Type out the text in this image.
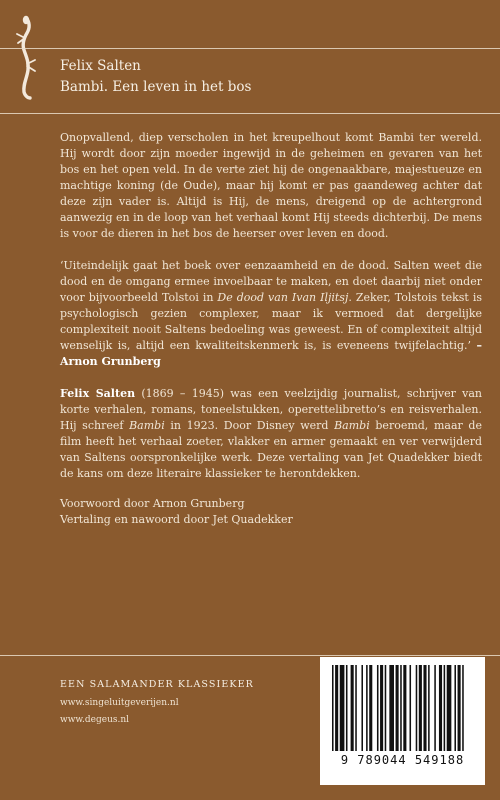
Felix Salten
Bambi. Een leven in het bos

Onopvallend, diep verscholen in het kreupelhout komt Bambi ter wereld. Hij wordt door zijn moeder ingewijd in de geheimen en gevaren van het bos en het open veld. In de verte ziet hij de ongenaakbare, majestueuze en machtige koning (de Oude), maar hij komt er pas gaandeweg achter dat deze zijn vader is. Altijd is Hij, de mens, dreigend op de achtergrond aanwezig en in de loop van het verhaal komt Hij steeds dichterbij. De mens is voor de dieren in het bos de heerser over leven en dood.

‘Uiteindelijk gaat het boek over eenzaamheid en de dood. Salten weet die dood en de omgang ermee invoelbaar te maken, en doet daarbij niet onder voor bijvoorbeeld Tolstoi in De dood van Ivan Iljitsj. Zeker, Tolstois tekst is psychologisch gezien complexer, maar ik vermoed dat dergelijke complexiteit nooit Saltens bedoeling was geweest. En of complexiteit altijd wenselijk is, altijd een kwaliteitskenmerk is, is eveneens twijfelachtig.’ – Arnon Grunberg

Felix Salten (1869 – 1945) was een veelzijdig journalist, schrijver van korte verhalen, romans, toneelstukken, operettelibretto’s en reisverhalen. Hij schreef Bambi in 1923. Door Disney werd Bambi beroemd, maar de film heeft het verhaal zoeter, vlakker en armer gemaakt en ver verwijderd van Saltens oorspronkelijke werk. Deze vertaling van Jet Quadekker biedt de kans om deze literaire klassieker te herontdekken.

Voorwoord door Arnon Grunberg
Vertaling en nawoord door Jet Quadekker

EEN SALAMANDER KLASSIEKER
www.singeluitgeverijen.nl
www.degeus.nl
9 789044 549188
